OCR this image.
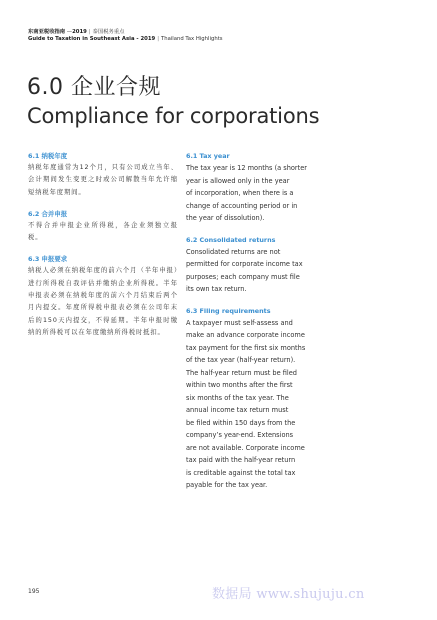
东南亚税收指南 —2019 | 泰国税务重点
Guide to Taxation in Southeast Asia - 2019 | Thailand Tax Highlights
6.0 企业合规
Compliance for corporations
6.1 纳税年度
纳税年度通常为12个月，只有公司成立当年、会计期间发生变更之时或公司解散当年允许缩短纳税年度期间。
6.2 合并申报
不得合并申报企业所得税，各企业须独立报税。
6.3 申报要求
纳税人必须在纳税年度的前六个月（半年申报）进行所得税自我评估并缴纳企业所得税。半年申报表必须在纳税年度的前六个月结束后两个月内提交。年度所得税申报表必须在公司年末后的150天内提交，不得延期。半年申报时缴纳的所得税可以在年度缴纳所得税时抵扣。
6.1 Tax year
The tax year is 12 months (a shorter
year is allowed only in the year
of incorporation, when there is a
change of accounting period or in
the year of dissolution).
6.2 Consolidated returns
Consolidated returns are not
permitted for corporate income tax
purposes; each company must file
its own tax return.
6.3 Filing requirements
A taxpayer must self-assess and
make an advance corporate income
tax payment for the first six months
of the tax year (half-year return).
The half-year return must be filed
within two months after the first
six months of the tax year. The
annual income tax return must
be filed within 150 days from the
company’s year-end. Extensions
are not available. Corporate income
tax paid with the half-year return
is creditable against the total tax
payable for the tax year.
195	数据局 www.shujuju.cn
